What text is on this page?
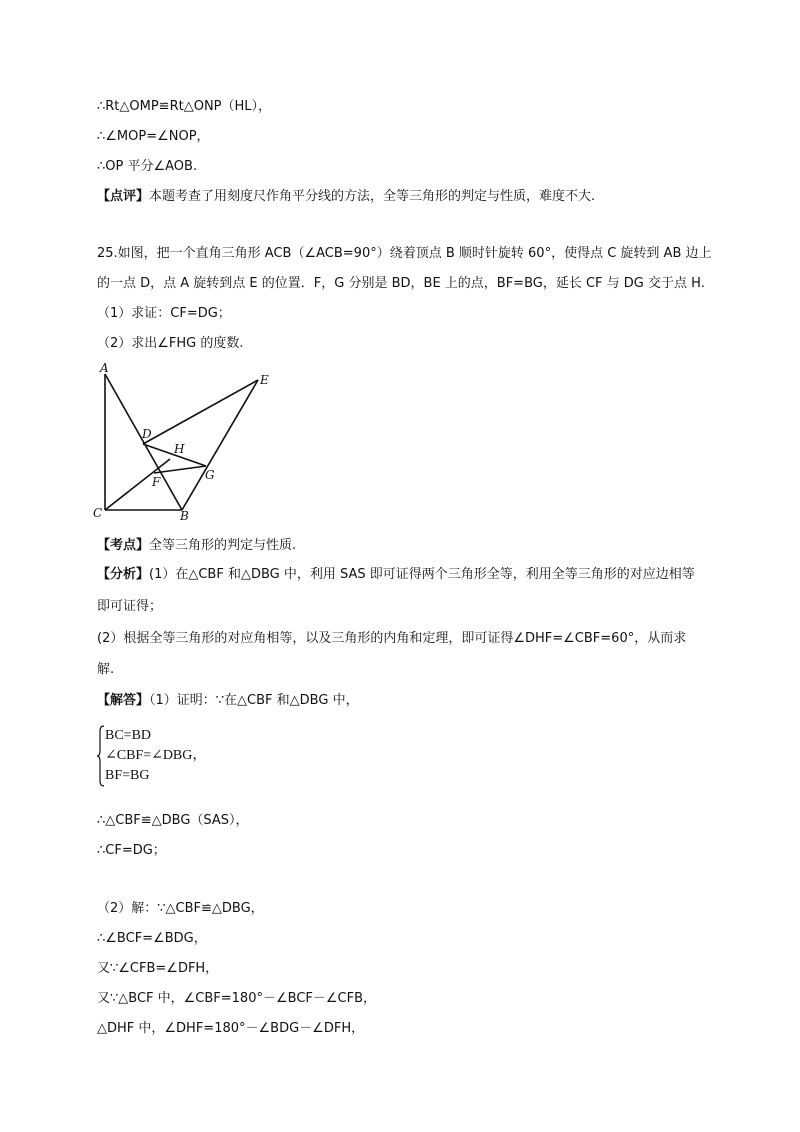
∴Rt△OMP≌Rt△ONP（HL），
∴∠MOP=∠NOP，
∴OP 平分∠AOB.
【点评】本题考查了用刻度尺作角平分线的方法，全等三角形的判定与性质，难度不大.
25.如图，把一个直角三角形 ACB（∠ACB=90°）绕着顶点 B 顺时针旋转 60°，使得点 C 旋转到 AB 边上
的一点 D，点 A 旋转到点 E 的位置．F，G 分别是 BD，BE 上的点，BF=BG，延长 CF 与 DG 交于点 H.
（1）求证：CF=DG；
（2）求出∠FHG 的度数.
A
E
D
H
G
F
C	B
【考点】全等三角形的判定与性质.
【分析】(1）在△CBF 和△DBG 中，利用 SAS 即可证得两个三角形全等，利用全等三角形的对应边相等
即可证得；
(2）根据全等三角形的对应角相等，以及三角形的内角和定理，即可证得∠DHF=∠CBF=60°，从而求
解.
【解答】（1）证明：∵在△CBF 和△DBG 中，
BC=BD
∠CBF=∠DBG，
BF=BG
∴△CBF≌△DBG（SAS），
∴CF=DG；
（2）解：∵△CBF≌△DBG，
∴∠BCF=∠BDG，
又∵∠CFB=∠DFH，
又∵△BCF 中，∠CBF=180°－∠BCF－∠CFB，
△DHF 中，∠DHF=180°－∠BDG－∠DFH，
